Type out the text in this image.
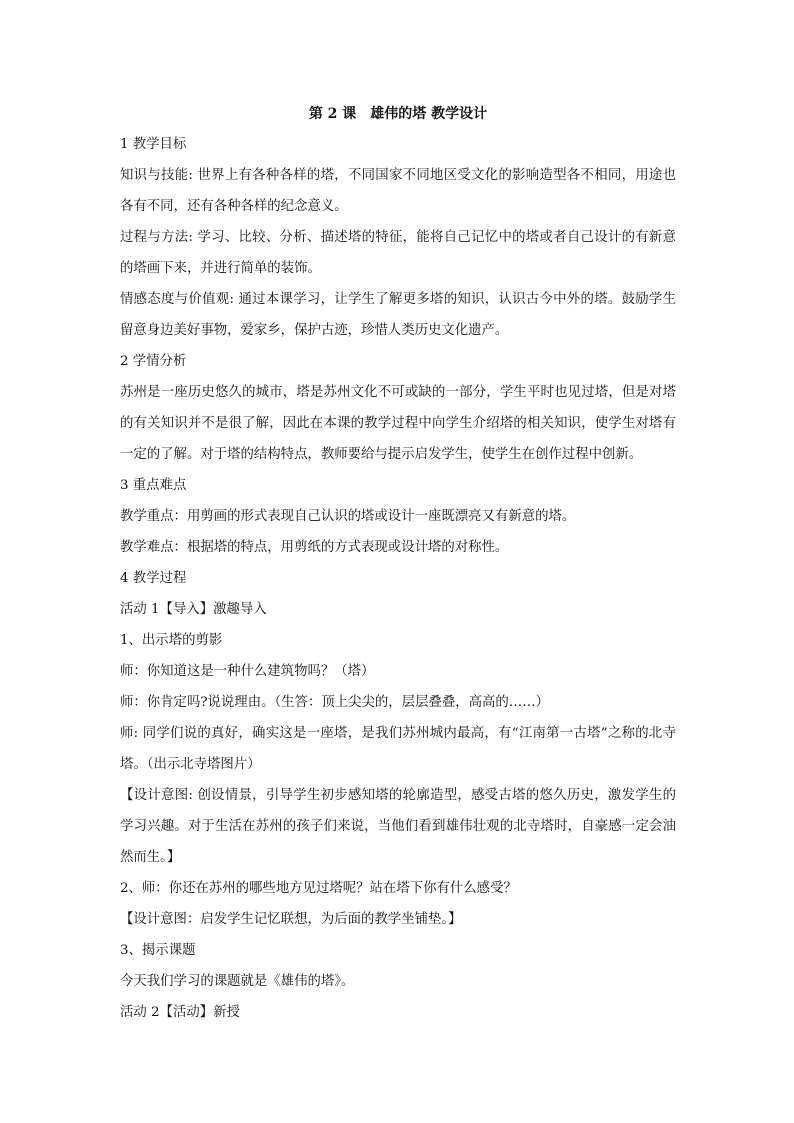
第 2 课　雄伟的塔 教学设计

1 教学目标

知识与技能: 世界上有各种各样的塔，不同国家不同地区受文化的影响造型各不相同，用途也各有不同，还有各种各样的纪念意义。

过程与方法: 学习、比较、分析、描述塔的特征，能将自己记忆中的塔或者自己设计的有新意的塔画下来，并进行简单的装饰。

情感态度与价值观: 通过本课学习，让学生了解更多塔的知识，认识古今中外的塔。鼓励学生留意身边美好事物，爱家乡，保护古迹，珍惜人类历史文化遗产。

2 学情分析

苏州是一座历史悠久的城市，塔是苏州文化不可或缺的一部分，学生平时也见过塔，但是对塔的有关知识并不是很了解，因此在本课的教学过程中向学生介绍塔的相关知识，使学生对塔有一定的了解。对于塔的结构特点，教师要给与提示启发学生，使学生在创作过程中创新。

3 重点难点

教学重点：用剪画的形式表现自己认识的塔或设计一座既漂亮又有新意的塔。

教学难点：根据塔的特点，用剪纸的方式表现或设计塔的对称性。

4 教学过程

活动 1【导入】激趣导入

1、出示塔的剪影

师：你知道这是一种什么建筑物吗？（塔）

师：你肯定吗?说说理由。（生答：顶上尖尖的，层层叠叠，高高的……）

师: 同学们说的真好，确实这是一座塔，是我们苏州城内最高，有“江南第一古塔”之称的北寺塔。（出示北寺塔图片）

【设计意图: 创设情景，引导学生初步感知塔的轮廓造型，感受古塔的悠久历史，激发学生的学习兴趣。对于生活在苏州的孩子们来说，当他们看到雄伟壮观的北寺塔时，自豪感一定会油然而生。】

2、师：你还在苏州的哪些地方见过塔呢？站在塔下你有什么感受？

【设计意图：启发学生记忆联想，为后面的教学坐铺垫。】

3、揭示课题

今天我们学习的课题就是《雄伟的塔》。

活动 2【活动】新授
